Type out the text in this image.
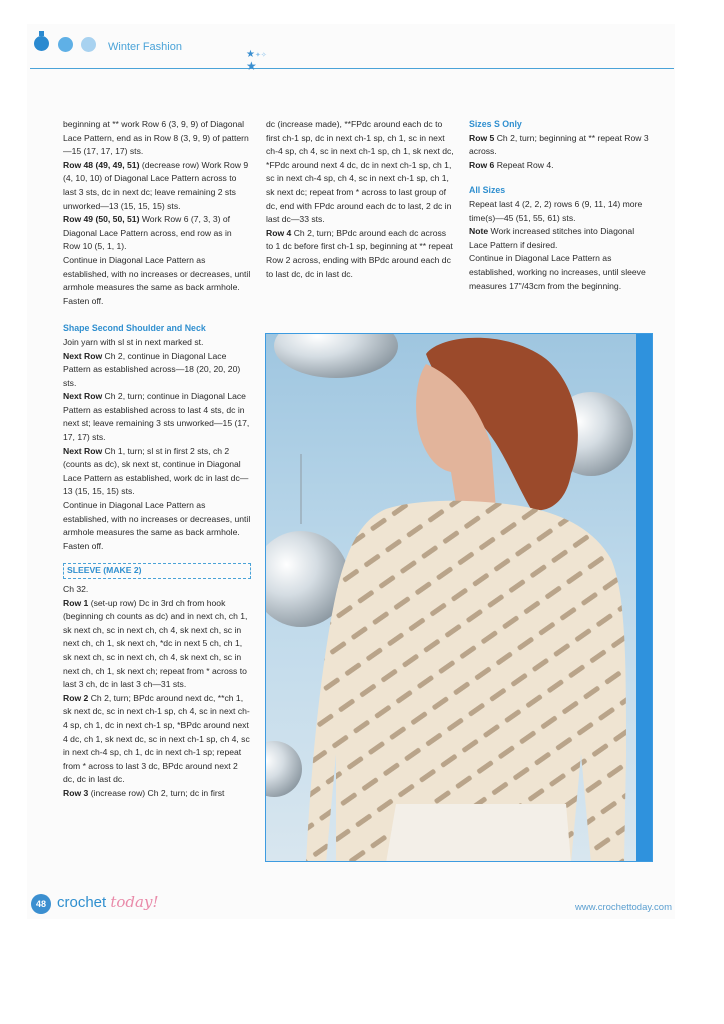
Winter Fashion
★✦✧
★

beginning at ** work Row 6 (3, 9, 9) of Diagonal Lace Pattern, end as in Row 8 (3, 9, 9) of pattern—15 (17, 17, 17) sts.

Row 48 (49, 49, 51) (decrease row) Work Row 9 (4, 10, 10) of Diagonal Lace Pattern across to last 3 sts, dc in next dc; leave remaining 2 sts unworked—13 (15, 15, 15) sts.

Row 49 (50, 50, 51) Work Row 6 (7, 3, 3) of Diagonal Lace Pattern across, end row as in Row 10 (5, 1, 1).

Continue in Diagonal Lace Pattern as established, with no increases or decreases, until armhole measures the same as back armhole. Fasten off.

Shape Second Shoulder and Neck

Join yarn with sl st in next marked st.

Next Row Ch 2, continue in Diagonal Lace Pattern as established across—18 (20, 20, 20) sts.

Next Row Ch 2, turn; continue in Diagonal Lace Pattern as established across to last 4 sts, dc in next st; leave remaining 3 sts unworked—15 (17, 17, 17) sts.

Next Row Ch 1, turn; sl st in first 2 sts, ch 2 (counts as dc), sk next st, continue in Diagonal Lace Pattern as established, work dc in last dc—13 (15, 15, 15) sts.

Continue in Diagonal Lace Pattern as established, with no increases or decreases, until armhole measures the same as back armhole. Fasten off.

SLEEVE (MAKE 2)

Ch 32.

Row 1 (set-up row) Dc in 3rd ch from hook (beginning ch counts as dc) and in next ch, ch 1, sk next ch, sc in next ch, ch 4, sk next ch, sc in next ch, ch 1, sk next ch, *dc in next 5 ch, ch 1, sk next ch, sc in next ch, ch 4, sk next ch, sc in next ch, ch 1, sk next ch; repeat from * across to last 3 ch, dc in last 3 ch—31 sts.

Row 2 Ch 2, turn; BPdc around next dc, **ch 1, sk next dc, sc in next ch-1 sp, ch 4, sc in next ch-4 sp, ch 1, dc in next ch-1 sp, *BPdc around next 4 dc, ch 1, sk next dc, sc in next ch-1 sp, ch 4, sc in next ch-4 sp, ch 1, dc in next ch-1 sp; repeat from * across to last 3 dc, BPdc around next 2 dc, dc in last dc.

Row 3 (increase row) Ch 2, turn; dc in first

dc (increase made), **FPdc around each dc to first ch-1 sp, dc in next ch-1 sp, ch 1, sc in next ch-4 sp, ch 4, sc in next ch-1 sp, ch 1, sk next dc, *FPdc around next 4 dc, dc in next ch-1 sp, ch 1, sc in next ch-4 sp, ch 4, sc in next ch-1 sp, ch 1, sk next dc; repeat from * across to last group of dc, end with FPdc around each dc to last, 2 dc in last dc—33 sts.

Row 4 Ch 2, turn; BPdc around each dc across to 1 dc before first ch-1 sp, beginning at ** repeat Row 2 across, ending with BPdc around each dc to last dc, dc in last dc.

Sizes S Only

Row 5 Ch 2, turn; beginning at ** repeat Row 3 across.

Row 6 Repeat Row 4.

All Sizes

Repeat last 4 (2, 2, 2) rows 6 (9, 11, 14) more time(s)—45 (51, 55, 61) sts.

Note Work increased stitches into Diagonal Lace Pattern if desired.

Continue in Diagonal Lace Pattern as established, working no increases, until sleeve measures 17"/43cm from the beginning.

48 crochet today!	www.crochettoday.com
